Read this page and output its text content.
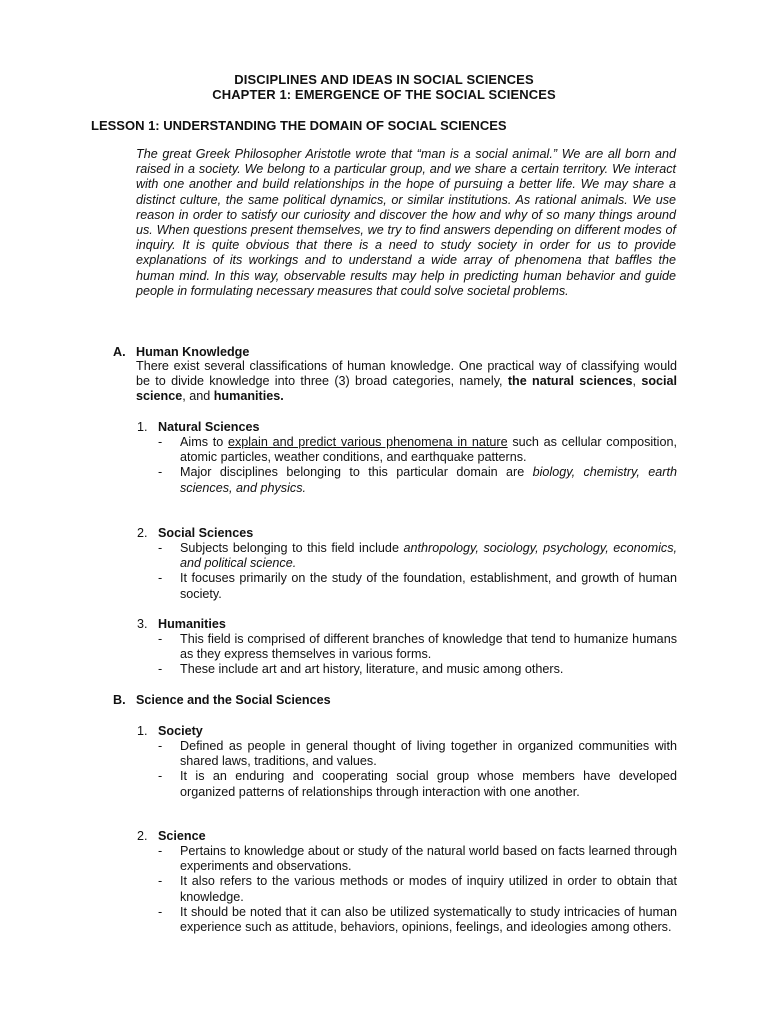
DISCIPLINES AND IDEAS IN SOCIAL SCIENCES
CHAPTER 1: EMERGENCE OF THE SOCIAL SCIENCES
LESSON 1: UNDERSTANDING THE DOMAIN OF SOCIAL SCIENCES

The great Greek Philosopher Aristotle wrote that “man is a social animal.” We are all born and raised in a society. We belong to a particular group, and we share a certain territory. We interact with one another and build relationships in the hope of pursuing a better life. We may share a distinct culture, the same political dynamics, or similar institutions. As rational animals. We use reason in order to satisfy our curiosity and discover the how and why of so many things around us. When questions present themselves, we try to find answers depending on different modes of inquiry. It is quite obvious that there is a need to study society in order for us to provide explanations of its workings and to understand a wide array of phenomena that baffles the human mind. In this way, observable results may help in predicting human behavior and guide people in formulating necessary measures that could solve societal problems.

A. Human Knowledge
There exist several classifications of human knowledge. One practical way of classifying would be to divide knowledge into three (3) broad categories, namely, the natural sciences, social science, and humanities.
1. Natural Sciences
- Aims to explain and predict various phenomena in nature such as cellular composition, atomic particles, weather conditions, and earthquake patterns.
- Major disciplines belonging to this particular domain are biology, chemistry, earth sciences, and physics.
2. Social Sciences
- Subjects belonging to this field include anthropology, sociology, psychology, economics, and political science.
- It focuses primarily on the study of the foundation, establishment, and growth of human society.
3. Humanities
- This field is comprised of different branches of knowledge that tend to humanize humans as they express themselves in various forms.
- These include art and art history, literature, and music among others.
B. Science and the Social Sciences
1. Society
- Defined as people in general thought of living together in organized communities with shared laws, traditions, and values.
- It is an enduring and cooperating social group whose members have developed organized patterns of relationships through interaction with one another.
2. Science
- Pertains to knowledge about or study of the natural world based on facts learned through experiments and observations.
- It also refers to the various methods or modes of inquiry utilized in order to obtain that knowledge.
- It should be noted that it can also be utilized systematically to study intricacies of human experience such as attitude, behaviors, opinions, feelings, and ideologies among others.
